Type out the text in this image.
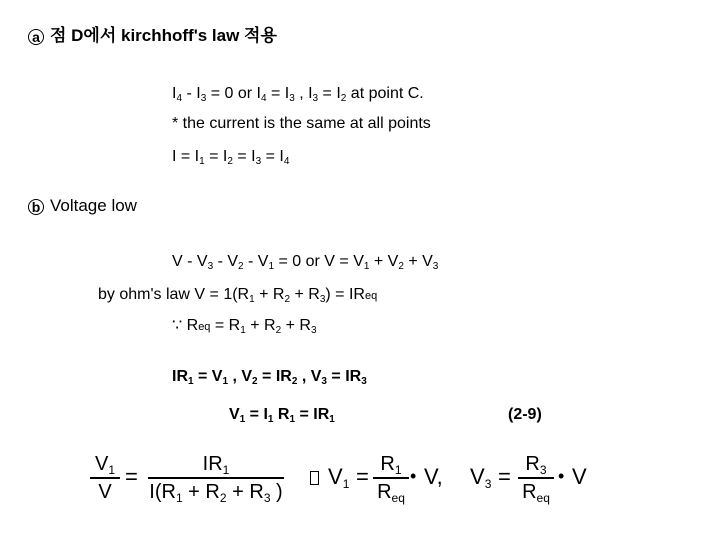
a 점 D에서 kirchhoff's law 적용
$I_4 - I_3 = 0$ or $I_4 = I_3$ , $I_3 = I_2$ at point C.
* the current is the same at all points
$I = I_1 = I_2 = I_3 = I_4$
b Voltage low
$V - V_3 - V_2 - V_1 = 0$ or $V = V_1 + V_2 + V_3$
by ohm's law $V = 1(R_1 + R_2 + R_3)$ = IReq
∵ Req = $R_1 + R_2 + R_3$
$IR_1 = V_1$ , $V_2 = IR_2$ , $V_3 = IR_3$
$V_1 = I_1$ $R_1 = IR_1$	(2-9)
$V_1$
V
=	$IR_1$
$I(R_1 + R_2 + R_3$ )
$V_1 = R_1$
$R_{eq}$
• V, $V_3 = R_3$
$R_{eq}$
• V
